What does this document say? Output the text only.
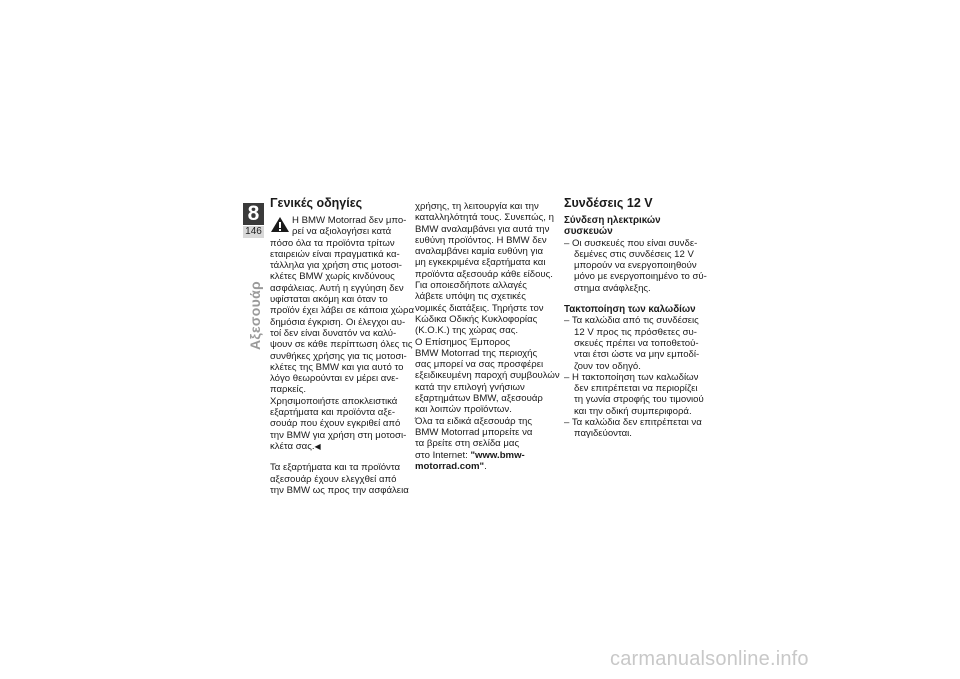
8
146
Αξεσουάρ
Γενικές οδηγίες
Η BMW Motorrad δεν μπο-
ρεί να αξιολογήσει κατά
πόσο όλα τα προϊόντα τρίτων
εταιρειών είναι πραγματικά κα-
τάλληλα για χρήση στις μοτοσι-
κλέτες BMW χωρίς κινδύνους
ασφάλειας. Αυτή η εγγύηση δεν
υφίσταται ακόμη και όταν το
προϊόν έχει λάβει σε κάποια χώρα
δημόσια έγκριση. Οι έλεγχοι αυ-
τοί δεν είναι δυνατόν να καλύ-
ψουν σε κάθε περίπτωση όλες τις
συνθήκες χρήσης για τις μοτοσι-
κλέτες της BMW και για αυτό το
λόγο θεωρούνται εν μέρει ανε-
παρκείς.
Χρησιμοποιήστε αποκλειστικά
εξαρτήματα και προϊόντα αξε-
σουάρ που έχουν εγκριθεί από
την BMW για χρήση στη μοτοσι-
κλέτα σας.◀

Τα εξαρτήματα και τα προϊόντα
αξεσουάρ έχουν ελεγχθεί από
την BMW ως προς την ασφάλεια
χρήσης, τη λειτουργία και την
καταλληλότητά τους. Συνεπώς, η
BMW αναλαμβάνει για αυτά την
ευθύνη προϊόντος. Η BMW δεν
αναλαμβάνει καμία ευθύνη για
μη εγκεκριμένα εξαρτήματα και
προϊόντα αξεσουάρ κάθε είδους.
Για οποιεσδήποτε αλλαγές
λάβετε υπόψη τις σχετικές
νομικές διατάξεις. Τηρήστε τον
Κώδικα Οδικής Κυκλοφορίας
(Κ.Ο.Κ.) της χώρας σας.
Ο Επίσημος Έμπορος
BMW Motorrad της περιοχής
σας μπορεί να σας προσφέρει
εξειδικευμένη παροχή συμβουλών
κατά την επιλογή γνήσιων
εξαρτημάτων BMW, αξεσουάρ
και λοιπών προϊόντων.
Όλα τα ειδικά αξεσουάρ της
BMW Motorrad μπορείτε να
τα βρείτε στη σελίδα μας
στο Internet: "www.bmw-
motorrad.com".
Συνδέσεις 12 V
Σύνδεση ηλεκτρικών
συσκευών
– Οι συσκευές που είναι συνδε-
δεμένες στις συνδέσεις 12 V
μπορούν να ενεργοποιηθούν
μόνο με ενεργοποιημένο το σύ-
στημα ανάφλεξης.
Τακτοποίηση των καλωδίων
– Τα καλώδια από τις συνδέσεις
12 V προς τις πρόσθετες συ-
σκευές πρέπει να τοποθετού-
νται έτσι ώστε να μην εμποδί-
ζουν τον οδηγό.
– Η τακτοποίηση των καλωδίων
δεν επιτρέπεται να περιορίζει
τη γωνία στροφής του τιμονιού
και την οδική συμπεριφορά.
– Τα καλώδια δεν επιτρέπεται να
παγιδεύονται.
carmanualsonline.info
